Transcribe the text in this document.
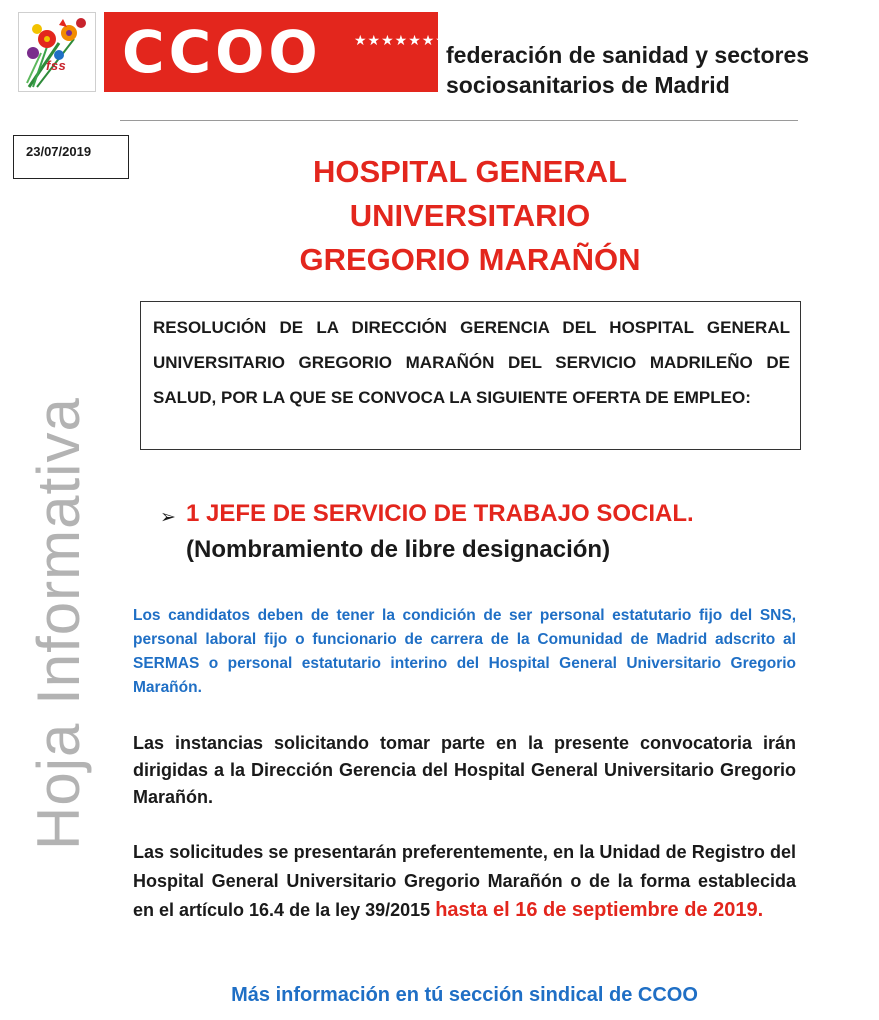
fss CCOO ★★★★★★★
federación de sanidad y sectores
sociosanitarios de Madrid
23/07/2019
Hoja Informativa
HOSPITAL GENERAL
UNIVERSITARIO
GREGORIO MARAÑÓN
RESOLUCIÓN DE LA DIRECCIÓN GERENCIA DEL HOSPITAL GENERAL UNIVERSITARIO GREGORIO MARAÑÓN DEL SERVICIO MADRILEÑO DE SALUD, POR LA QUE SE CONVOCA LA SIGUIENTE OFERTA DE EMPLEO:
➢ 1 JEFE DE SERVICIO DE TRABAJO SOCIAL.
(Nombramiento de libre designación)
Los candidatos deben de tener la condición de ser personal estatutario fijo del SNS, personal laboral fijo o funcionario de carrera de la Comunidad de Madrid adscrito al SERMAS o personal estatutario interino del Hospital General Universitario Gregorio Marañón.
Las instancias solicitando tomar parte en la presente convocatoria irán dirigidas a la Dirección Gerencia del Hospital General Universitario Gregorio Marañón.
Las solicitudes se presentarán preferentemente, en la Unidad de Registro del Hospital General Universitario Gregorio Marañón o de la forma establecida en el artículo 16.4 de la ley 39/2015 hasta el 16 de septiembre de 2019.
Más información en tú sección sindical de CCOO
